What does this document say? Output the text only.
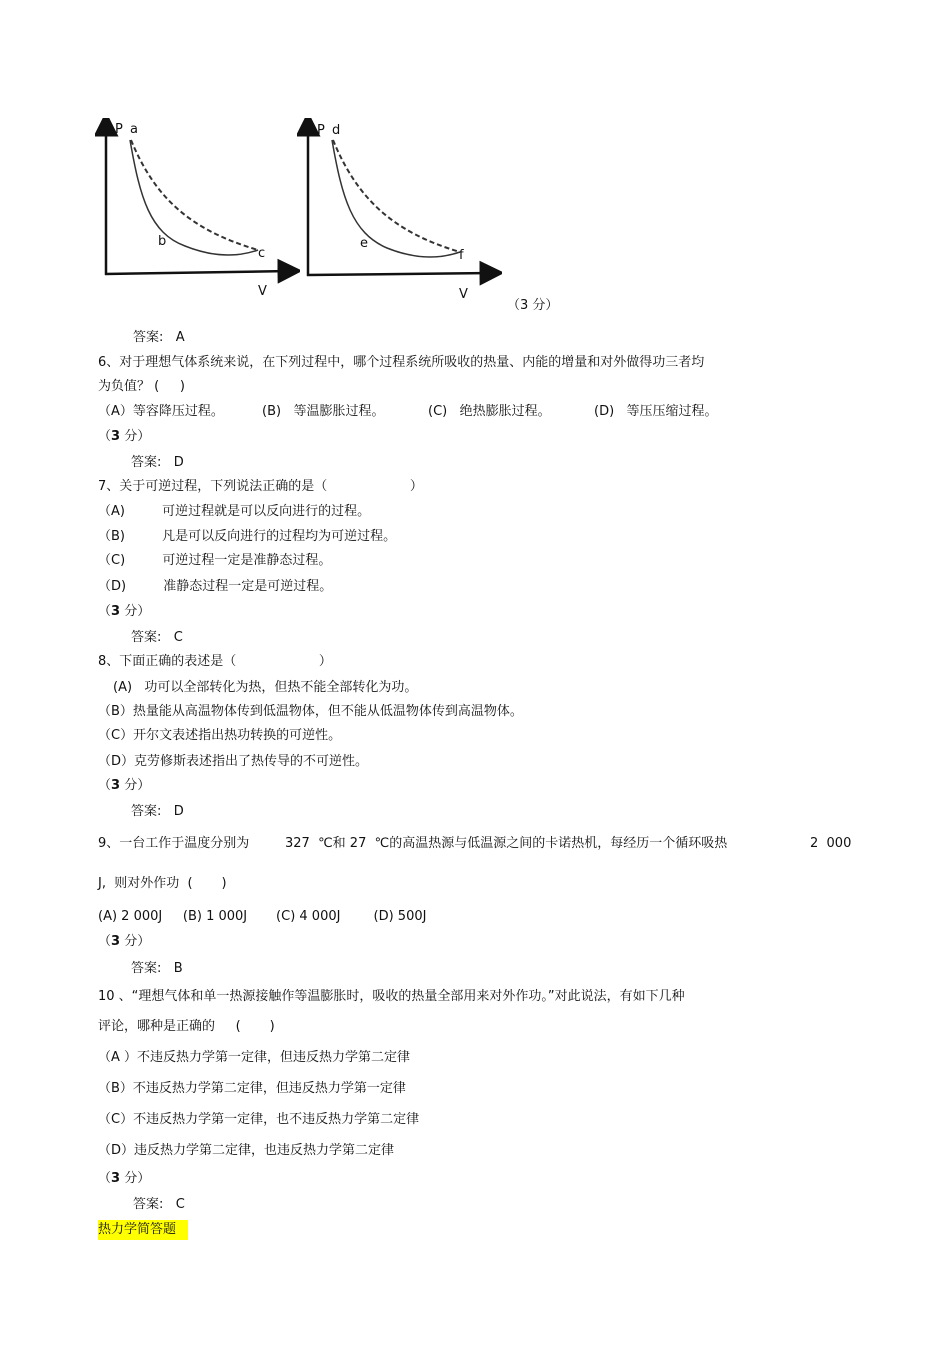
P a
b
c
V
P d
e
f
V
（3 分）
答案:   A
6、对于理想气体系统来说，在下列过程中，哪个过程系统所吸收的热量、内能的增量和对外做得功三者均
为负值？ (     )
（A）等容降压过程。	(B)   等温膨胀过程。	(C)   绝热膨胀过程。	(D)   等压压缩过程。
（3 分）
答案:   D
7、关于可逆过程，下列说法正确的是（                    ）
（A)         可逆过程就是可以反向进行的过程。
（B)         凡是可以反向进行的过程均为可逆过程。
（C)         可逆过程一定是准静态过程。
（D)         准静态过程一定是可逆过程。
（3 分）
答案:   C
8、下面正确的表述是（                    ）
(A)   功可以全部转化为热，但热不能全部转化为功。
（B）热量能从高温物体传到低温物体，但不能从低温物体传到高温物体。
（C）开尔文表述指出热功转换的可逆性。
（D）克劳修斯表述指出了热传导的不可逆性。
（3 分）
答案:   D
9、一台工作于温度分别为	327  ℃和 27  ℃的高温热源与低温源之间的卡诺热机，每经历一个循环吸热	2  000
J,  则对外作功  (       )
(A) 2 000J     (B) 1 000J       (C) 4 000J        (D) 500J
（3 分）
答案:   B
10 、“理想气体和单一热源接触作等温膨胀时，吸收的热量全部用来对外作功。”对此说法，有如下几种
评论，哪种是正确的     (       )
（A ）不违反热力学第一定律，但违反热力学第二定律
（B）不违反热力学第二定律，但违反热力学第一定律
（C）不违反热力学第一定律，也不违反热力学第二定律
（D）违反热力学第二定律，也违反热力学第二定律
（3 分）
答案:   C
热力学简答题
